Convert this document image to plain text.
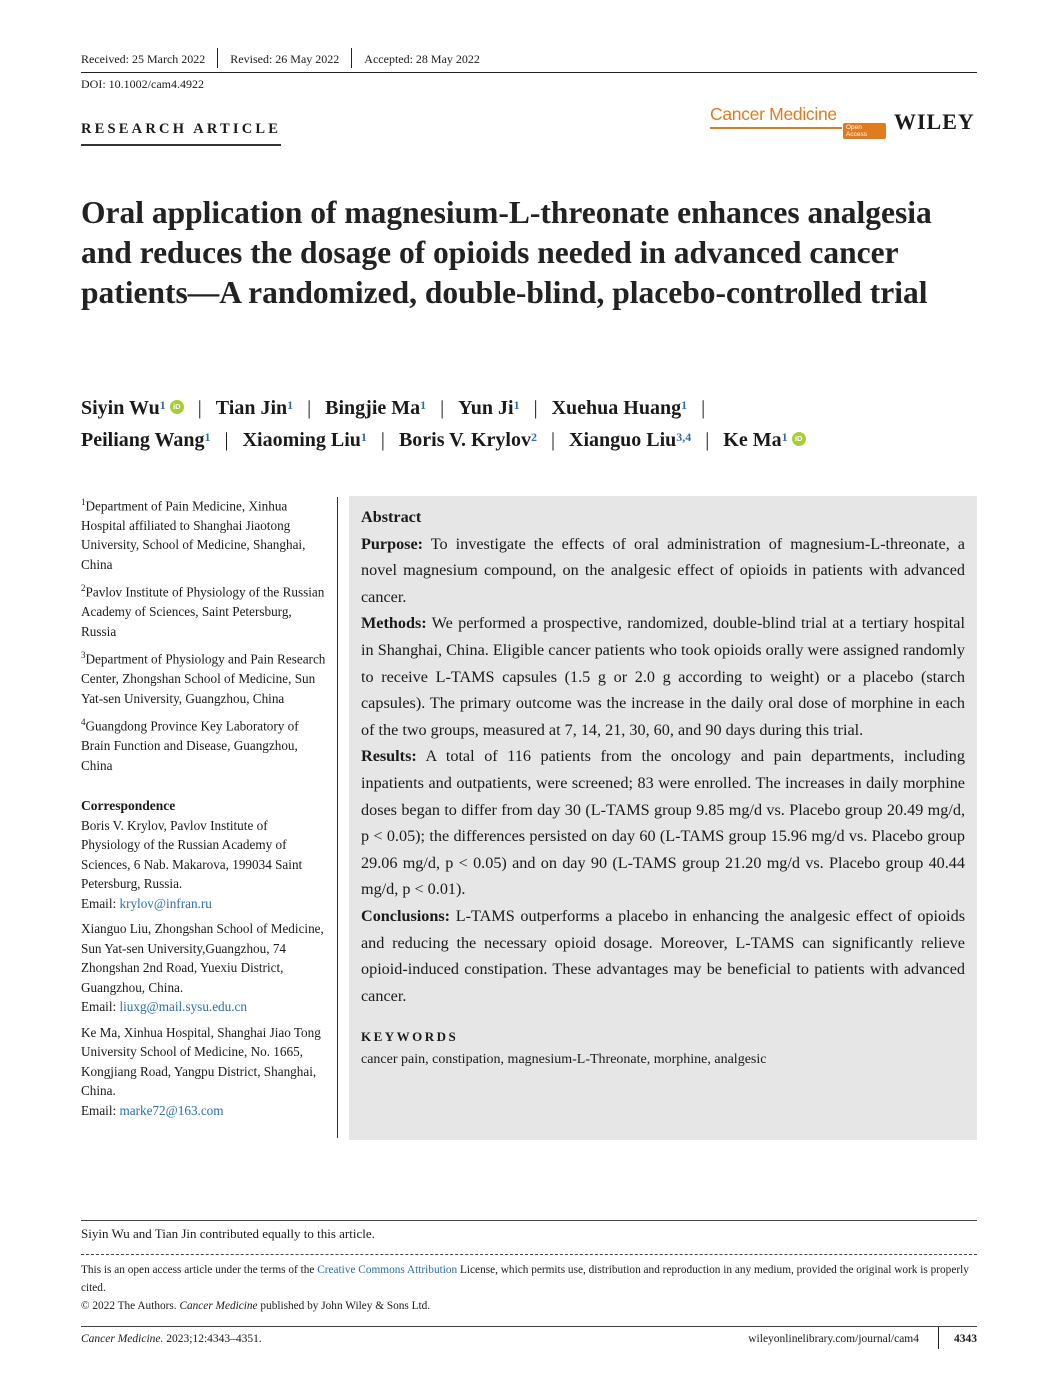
Received: 25 March 2022 Revised: 26 May 2022 Accepted: 28 May 2022
DOI: 10.1002/cam4.4922
RESEARCH ARTICLE
Cancer Medicine
Open Access
WILEY
Oral application of magnesium-L-threonate enhances analgesia and reduces the dosage of opioids needed in advanced cancer patients—A randomized, double-blind, placebo-controlled trial
Siyin Wu$^1$ iD | Tian Jin$^1$ | Bingjie Ma$^1$ | Yun Ji$^1$ | Xuehua Huang$^1$ |
Peiliang Wang$^1$ | Xiaoming Liu$^1$ | Boris V. Krylov$^2$ | Xianguo Liu$^{3,4}$ | Ke Ma$^1$ iD
$^1$Department of Pain Medicine, Xinhua Hospital affiliated to Shanghai Jiaotong University, School of Medicine, Shanghai, China
$^2$Pavlov Institute of Physiology of the Russian Academy of Sciences, Saint Petersburg, Russia
$^3$Department of Physiology and Pain Research Center, Zhongshan School of Medicine, Sun Yat-sen University, Guangzhou, China
$^4$Guangdong Province Key Laboratory of Brain Function and Disease, Guangzhou, China
Correspondence
Boris V. Krylov, Pavlov Institute of Physiology of the Russian Academy of Sciences, 6 Nab. Makarova, 199034 Saint Petersburg, Russia.
Email: krylov@infran.ru
Xianguo Liu, Zhongshan School of Medicine, Sun Yat-sen University,Guangzhou, 74 Zhongshan 2nd Road, Yuexiu District, Guangzhou, China.
Email: liuxg@mail.sysu.edu.cn
Ke Ma, Xinhua Hospital, Shanghai Jiao Tong University School of Medicine, No. 1665, Kongjiang Road, Yangpu District, Shanghai, China.
Email: marke72@163.com
Abstract
Purpose: To investigate the effects of oral administration of magnesium-L-threonate, a novel magnesium compound, on the analgesic effect of opioids in patients with advanced cancer.
Methods: We performed a prospective, randomized, double-blind trial at a tertiary hospital in Shanghai, China. Eligible cancer patients who took opioids orally were assigned randomly to receive L-TAMS capsules (1.5 g or 2.0 g according to weight) or a placebo (starch capsules). The primary outcome was the increase in the daily oral dose of morphine in each of the two groups, measured at 7, 14, 21, 30, 60, and 90 days during this trial.
Results: A total of 116 patients from the oncology and pain departments, including inpatients and outpatients, were screened; 83 were enrolled. The increases in daily morphine doses began to differ from day 30 (L-TAMS group 9.85 mg/d vs. Placebo group 20.49 mg/d, p < 0.05); the differences persisted on day 60 (L-TAMS group 15.96 mg/d vs. Placebo group 29.06 mg/d, p < 0.05) and on day 90 (L-TAMS group 21.20 mg/d vs. Placebo group 40.44 mg/d, p < 0.01).
Conclusions: L-TAMS outperforms a placebo in enhancing the analgesic effect of opioids and reducing the necessary opioid dosage. Moreover, L-TAMS can significantly relieve opioid-induced constipation. These advantages may be beneficial to patients with advanced cancer.
KEYWORDS
cancer pain, constipation, magnesium-L-Threonate, morphine, analgesic
Siyin Wu and Tian Jin contributed equally to this article.
This is an open access article under the terms of the Creative Commons Attribution License, which permits use, distribution and reproduction in any medium, provided the original work is properly cited.
© 2022 The Authors. Cancer Medicine published by John Wiley & Sons Ltd.
Cancer Medicine. 2023;12:4343–4351.	wileyonlinelibrary.com/journal/cam4	4343
